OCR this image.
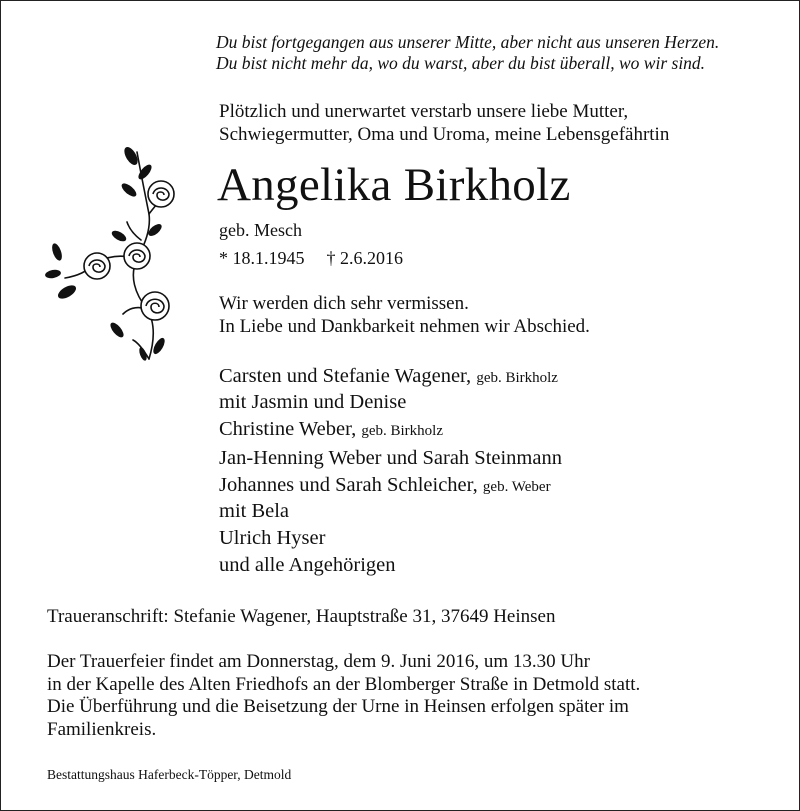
Du bist fortgegangen aus unserer Mitte, aber nicht aus unseren Herzen.
Du bist nicht mehr da, wo du warst, aber du bist überall, wo wir sind.
Plötzlich und unerwartet verstarb unsere liebe Mutter,
Schwiegermutter, Oma und Uroma, meine Lebensgefährtin
Angelika Birkholz
geb. Mesch
* 18.1.1945 † 2.6.2016
Wir werden dich sehr vermissen.
In Liebe und Dankbarkeit nehmen wir Abschied.
Carsten und Stefanie Wagener, geb. Birkholz
mit Jasmin und Denise
Christine Weber, geb. Birkholz
Jan-Henning Weber und Sarah Steinmann
Johannes und Sarah Schleicher, geb. Weber
mit Bela
Ulrich Hyser
und alle Angehörigen
Traueranschrift: Stefanie Wagener, Hauptstraße 31, 37649 Heinsen
Der Trauerfeier findet am Donnerstag, dem 9. Juni 2016, um 13.30 Uhr
in der Kapelle des Alten Friedhofs an der Blomberger Straße in Detmold statt.
Die Überführung und die Beisetzung der Urne in Heinsen erfolgen später im
Familienkreis.
Bestattungshaus Haferbeck-Töpper, Detmold
